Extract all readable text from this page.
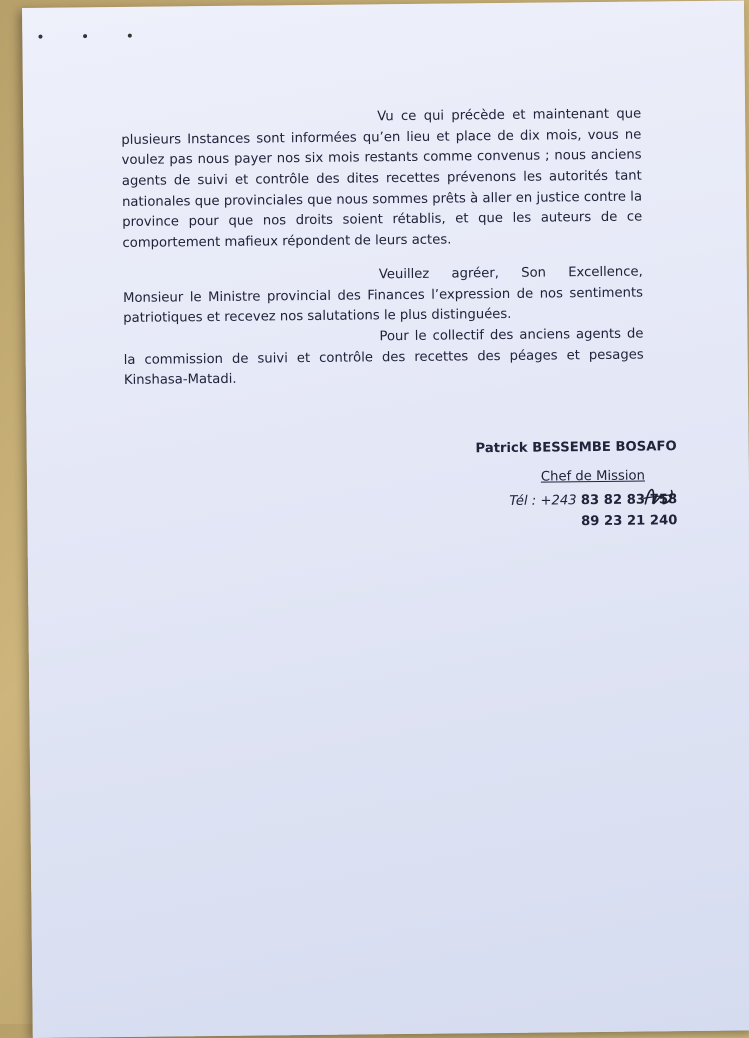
• • •

Vu ce qui précède et maintenant que plusieurs Instances sont informées qu’en lieu et place de dix mois, vous ne voulez pas nous payer nos six mois restants comme convenus ; nous anciens agents de suivi et contrôle des dites recettes prévenons les autorités tant nationales que provinciales que nous sommes prêts à aller en justice contre la province pour que nos droits soient rétablis, et que les auteurs de ce comportement mafieux répondent de leurs actes.

Veuillez agréer, Son Excellence, Monsieur le Ministre provincial des Finances l’expression de nos sentiments patriotiques et recevez nos salutations le plus distinguées.

Pour le collectif des anciens agents de la commission de suivi et contrôle des recettes des péages et pesages Kinshasa-Matadi.

Patrick BESSEMBE BOSAFO
Chef de Mission
Tél : +243 83 82 83 758
89 23 21 240
